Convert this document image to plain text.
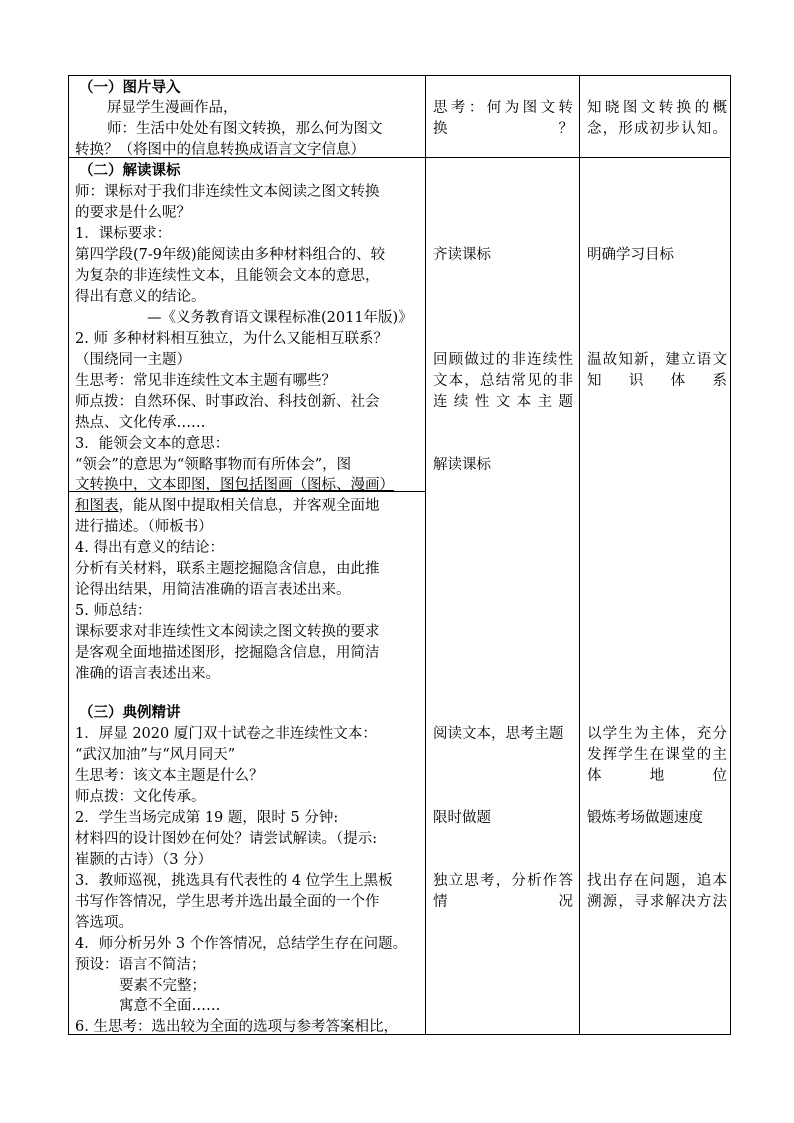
（一）图片导入
屏显学生漫画作品，
师：生活中处处有图文转换，那么何为图文
转换？（将图中的信息转换成语言文字信息）
思考：何为图文转换？
知晓图文转换的概念，形成初步认知。
（二）解读课标
师：课标对于我们非连续性文本阅读之图文转换
的要求是什么呢？
1．课标要求：
第四学段(7-9年级)能阅读由多种材料组合的、较
为复杂的非连续性文本，且能领会文本的意思，
得出有意义的结论。
—《义务教育语文课程标准(2011年版)》
2. 师 多种材料相互独立，为什么又能相互联系？
（围绕同一主题）
生思考：常见非连续性文本主题有哪些？
师点拨：自然环保、时事政治、科技创新、社会
热点、文化传承……
3．能领会文本的意思：
“领会”的意思为“领略事物而有所体会”，图
文转换中，文本即图，图包括图画（图标、漫画）
和图表，能从图中提取相关信息，并客观全面地
进行描述。（师板书）
4. 得出有意义的结论：
分析有关材料，联系主题挖掘隐含信息，由此推
论得出结果，用简洁准确的语言表述出来。
5. 师总结：
课标要求对非连续性文本阅读之图文转换的要求
是客观全面地描述图形，挖掘隐含信息，用简洁
准确的语言表述出来。
齐读课标
回顾做过的非连续性文本，总结常见的非连续性文本主题
解读课标
明确学习目标
温故知新，建立语文知识体系
（三）典例精讲
1．屏显 2020 厦门双十试卷之非连续性文本：
“武汉加油”与“风月同天”
生思考：该文本主题是什么？
师点拨：文化传承。
2．学生当场完成第 19 题，限时 5 分钟:
材料四的设计图妙在何处？请尝试解读。（提示:
崔颢的古诗）（3 分）
3．教师巡视，挑选具有代表性的 4 位学生上黑板
书写作答情况，学生思考并选出最全面的一个作
答选项。
4．师分析另外 3 个作答情况，总结学生存在问题。
预设：语言不简洁；
要素不完整；
寓意不全面……
6. 生思考：选出较为全面的选项与参考答案相比，
阅读文本，思考主题
限时做题
独立思考，分析作答情况
以学生为主体，充分发挥学生在课堂的主体地位
锻炼考场做题速度
找出存在问题，追本溯源，寻求解决方法
